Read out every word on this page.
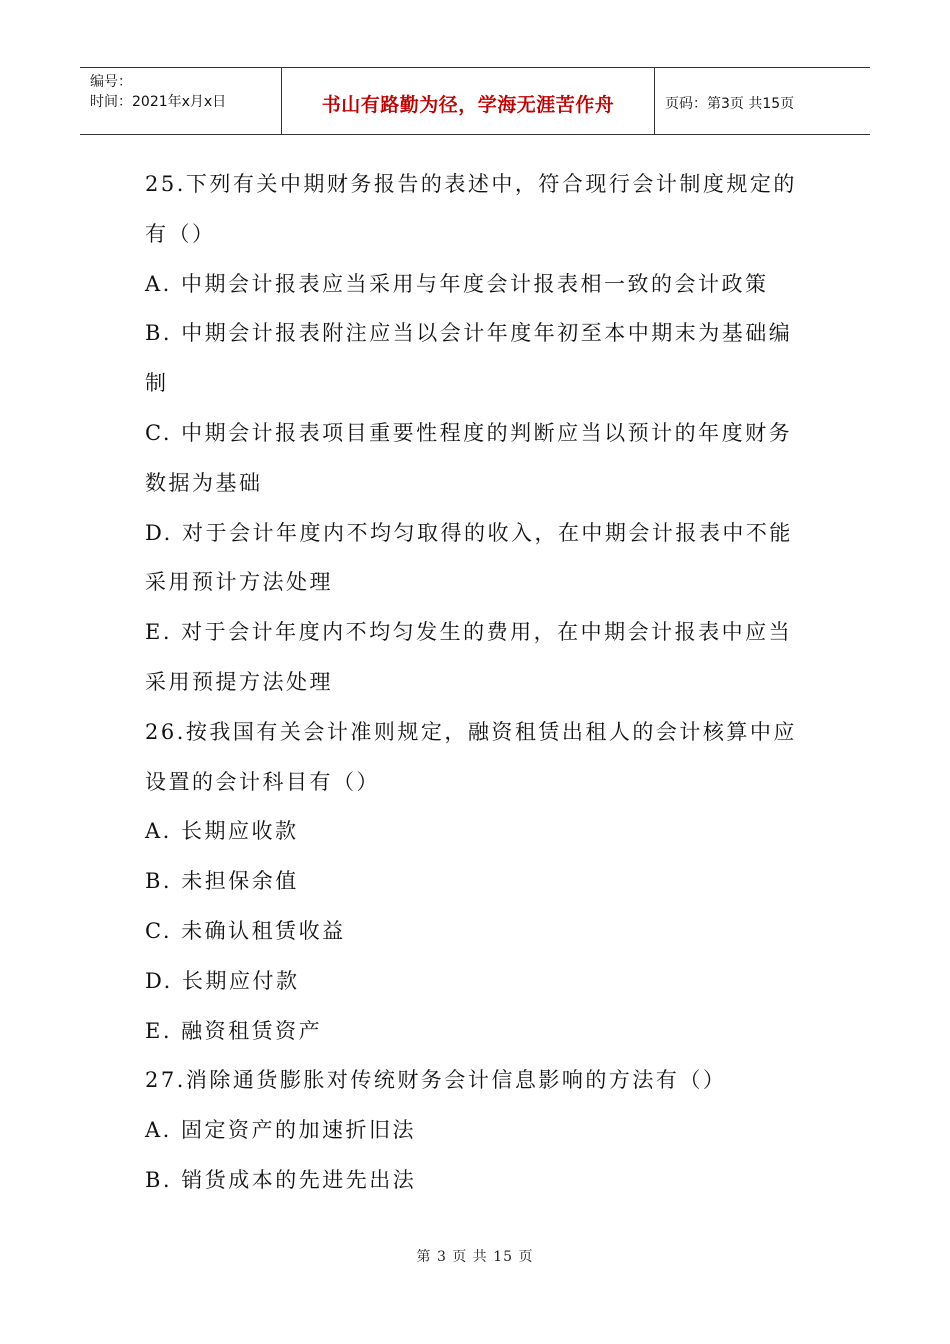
编号：
时间：2021年x月x日	书山有路勤为径，学海无涯苦作舟	页码：第3页 共15页
25.下列有关中期财务报告的表述中，符合现行会计制度规定的
有（）
A. 中期会计报表应当采用与年度会计报表相一致的会计政策
B. 中期会计报表附注应当以会计年度年初至本中期末为基础编
制
C. 中期会计报表项目重要性程度的判断应当以预计的年度财务
数据为基础
D. 对于会计年度内不均匀取得的收入，在中期会计报表中不能
采用预计方法处理
E. 对于会计年度内不均匀发生的费用，在中期会计报表中应当
采用预提方法处理
26.按我国有关会计准则规定，融资租赁出租人的会计核算中应
设置的会计科目有（）
A. 长期应收款
B. 未担保余值
C. 未确认租赁收益
D. 长期应付款
E. 融资租赁资产
27.消除通货膨胀对传统财务会计信息影响的方法有（）
A. 固定资产的加速折旧法
B. 销货成本的先进先出法
第 3 页 共 15 页
